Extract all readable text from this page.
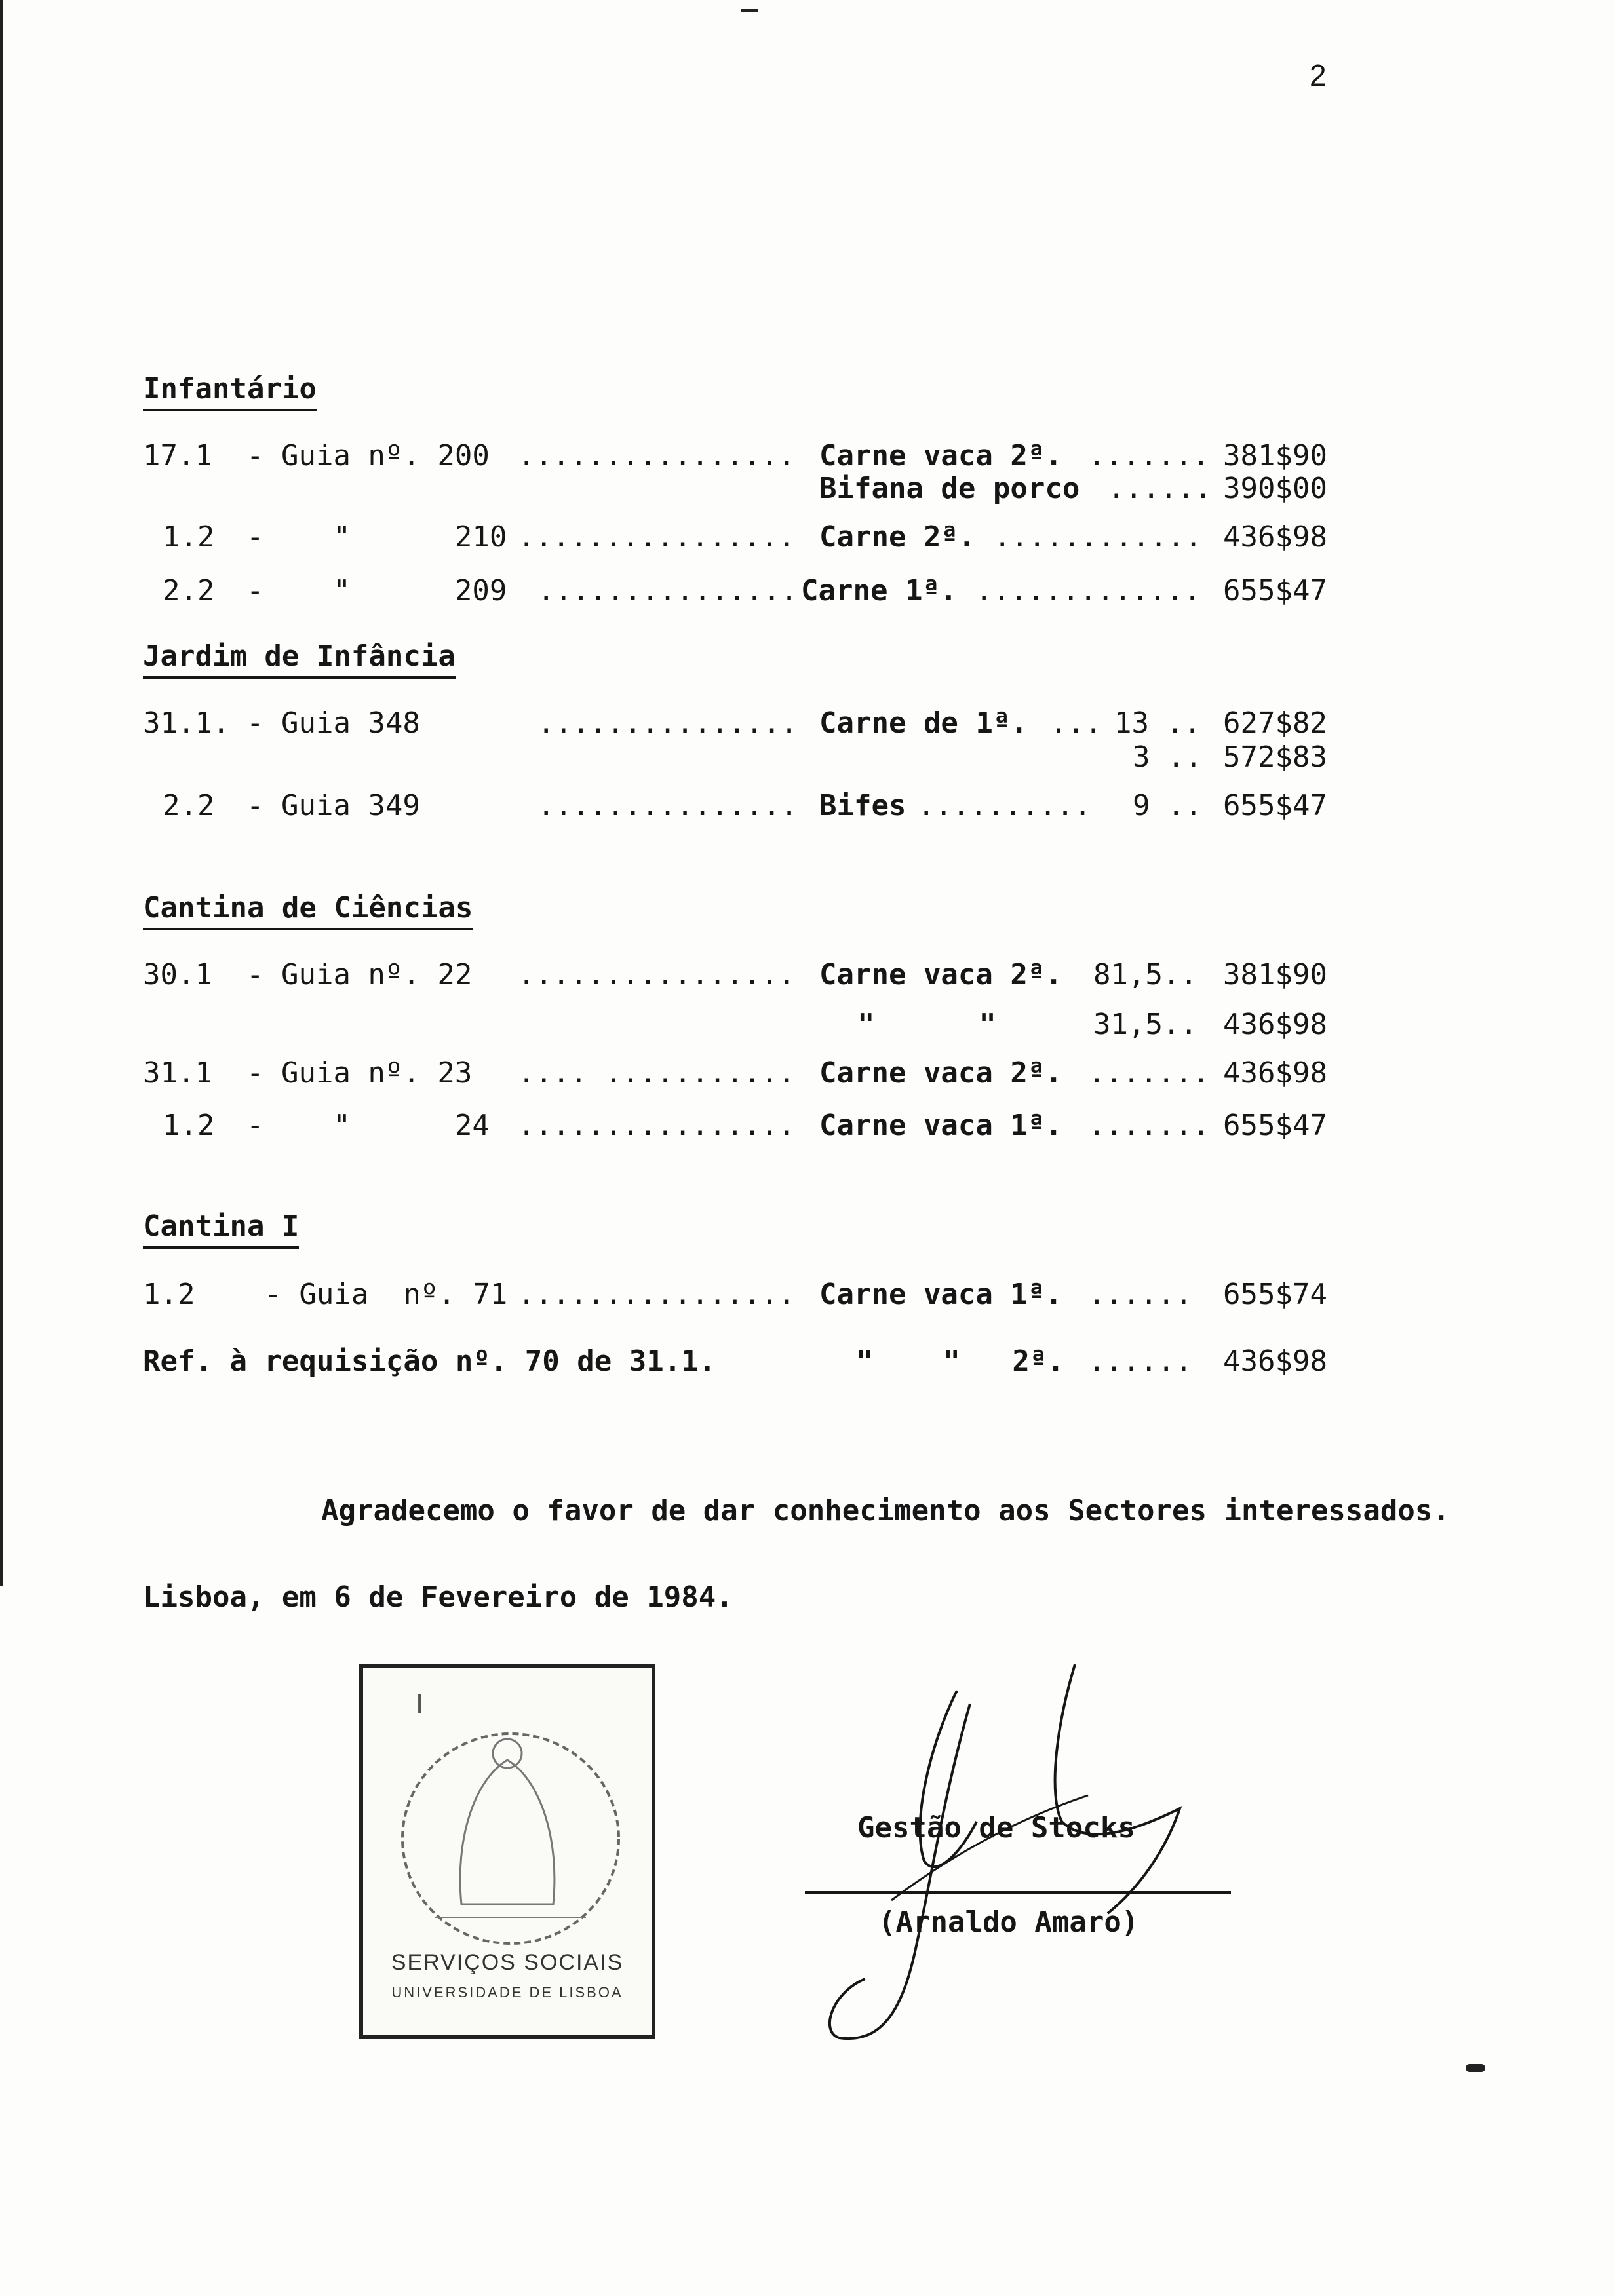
2
Infantário
17.1 - Guia nº. 200 ................ Carne vaca 2ª. ....... 381$90
Bifana de porco ...... 390$00
1.2 -    "      210 ................ Carne 2ª. ............ 436$98
2.2 -    "      209 ............... Carne 1ª. ............. 655$47
Jardim de Infância
31.1. - Guia 348	............... Carne de 1ª. ... 13 .. 627$82
3 .. 572$83
2.2 - Guia 349	............... Bifes .......... 9 .. 655$47
Cantina de Ciências
30.1 - Guia nº. 22 ................ Carne vaca 2ª. 81,5.. 381$90
"      "	31,5.. 436$98
31.1 - Guia nº. 23 .... ........... Carne vaca 2ª. ....... 436$98
1.2 -    "      24 ................ Carne vaca 1ª. ....... 655$47
Cantina I
1.2    - Guia  nº. 71 ................ Carne vaca 1ª. ...... 655$74
Ref. à requisição nº. 70 de 31.1.	"    "   2ª. ...... 436$98
Agradecemo o favor de dar conhecimento aos Sectores interessados.
Lisboa, em 6 de Fevereiro de 1984.
I
SERVIÇOS SOCIAIS
UNIVERSIDADE DE LISBOA
Gestão de Stocks
(Arnaldo Amaro)
